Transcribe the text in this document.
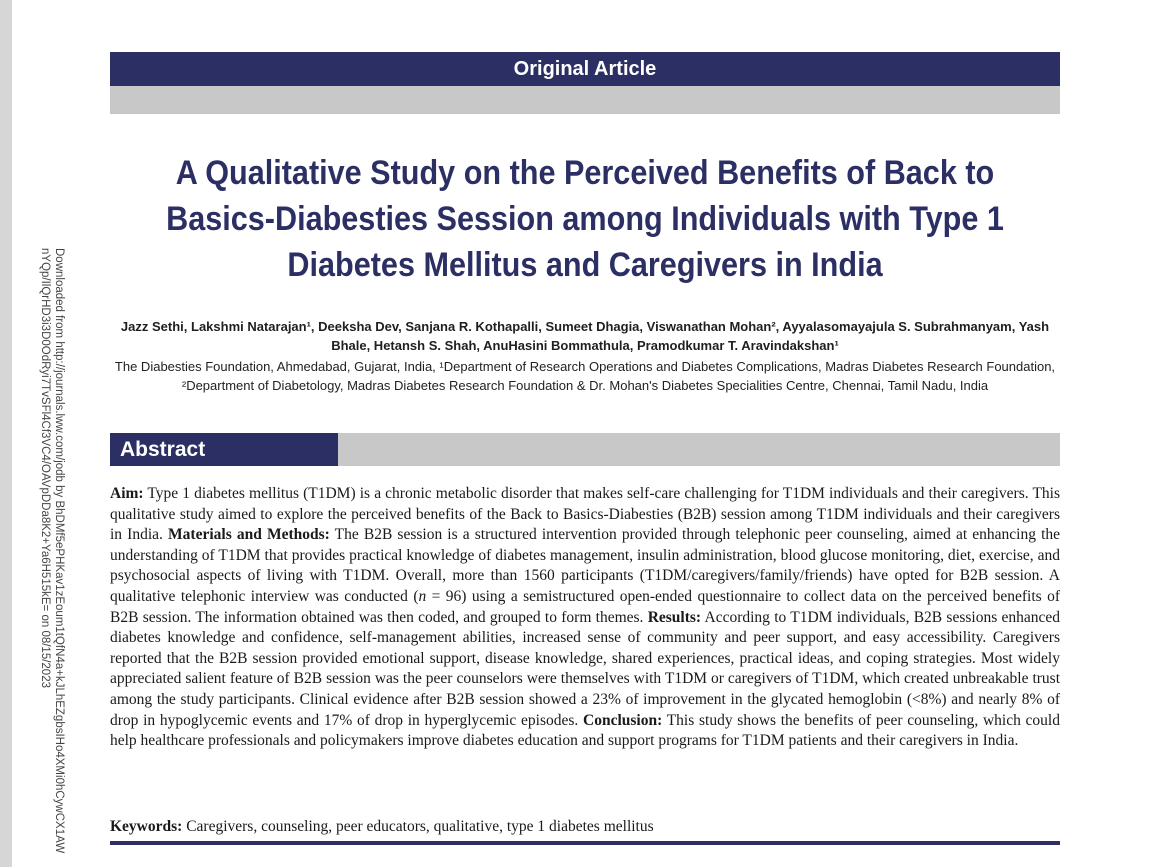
Downloaded from http://journals.lww.com/jodb by BhDMf5ePHKav1zEoum1tQfN4a+kJLhEZgbsIHo4XMi0hCywCX1AW
nYQp/IlQrHD3i3D0OdRyi7TvSFl4Cf3VC4/OAVpDDa8K2+Ya6H515kE= on 08/15/2023
Original Article
A Qualitative Study on the Perceived Benefits of Back to Basics-Diabesties Session among Individuals with Type 1 Diabetes Mellitus and Caregivers in India
Jazz Sethi, Lakshmi Natarajan¹, Deeksha Dev, Sanjana R. Kothapalli, Sumeet Dhagia, Viswanathan Mohan², Ayyalasomayajula S. Subrahmanyam, Yash Bhale, Hetansh S. Shah, AnuHasini Bommathula, Pramodkumar T. Aravindakshan¹
The Diabesties Foundation, Ahmedabad, Gujarat, India, ¹Department of Research Operations and Diabetes Complications, Madras Diabetes Research Foundation, ²Department of Diabetology, Madras Diabetes Research Foundation & Dr. Mohan's Diabetes Specialities Centre, Chennai, Tamil Nadu, India
Abstract

Aim: Type 1 diabetes mellitus (T1DM) is a chronic metabolic disorder that makes self-care challenging for T1DM individuals and their caregivers. This qualitative study aimed to explore the perceived benefits of the Back to Basics-Diabesties (B2B) session among T1DM individuals and their caregivers in India. Materials and Methods: The B2B session is a structured intervention provided through telephonic peer counseling, aimed at enhancing the understanding of T1DM that provides practical knowledge of diabetes management, insulin administration, blood glucose monitoring, diet, exercise, and psychosocial aspects of living with T1DM. Overall, more than 1560 participants (T1DM/caregivers/family/friends) have opted for B2B session. A qualitative telephonic interview was conducted (n = 96) using a semistructured open-ended questionnaire to collect data on the perceived benefits of B2B session. The information obtained was then coded, and grouped to form themes. Results: According to T1DM individuals, B2B sessions enhanced diabetes knowledge and confidence, self-management abilities, increased sense of community and peer support, and easy accessibility. Caregivers reported that the B2B session provided emotional support, disease knowledge, shared experiences, practical ideas, and coping strategies. Most widely appreciated salient feature of B2B session was the peer counselors were themselves with T1DM or caregivers of T1DM, which created unbreakable trust among the study participants. Clinical evidence after B2B session showed a 23% of improvement in the glycated hemoglobin (<8%) and nearly 8% of drop in hypoglycemic events and 17% of drop in hyperglycemic episodes. Conclusion: This study shows the benefits of peer counseling, which could help healthcare professionals and policymakers improve diabetes education and support programs for T1DM patients and their caregivers in India.

Keywords: Caregivers, counseling, peer educators, qualitative, type 1 diabetes mellitus
